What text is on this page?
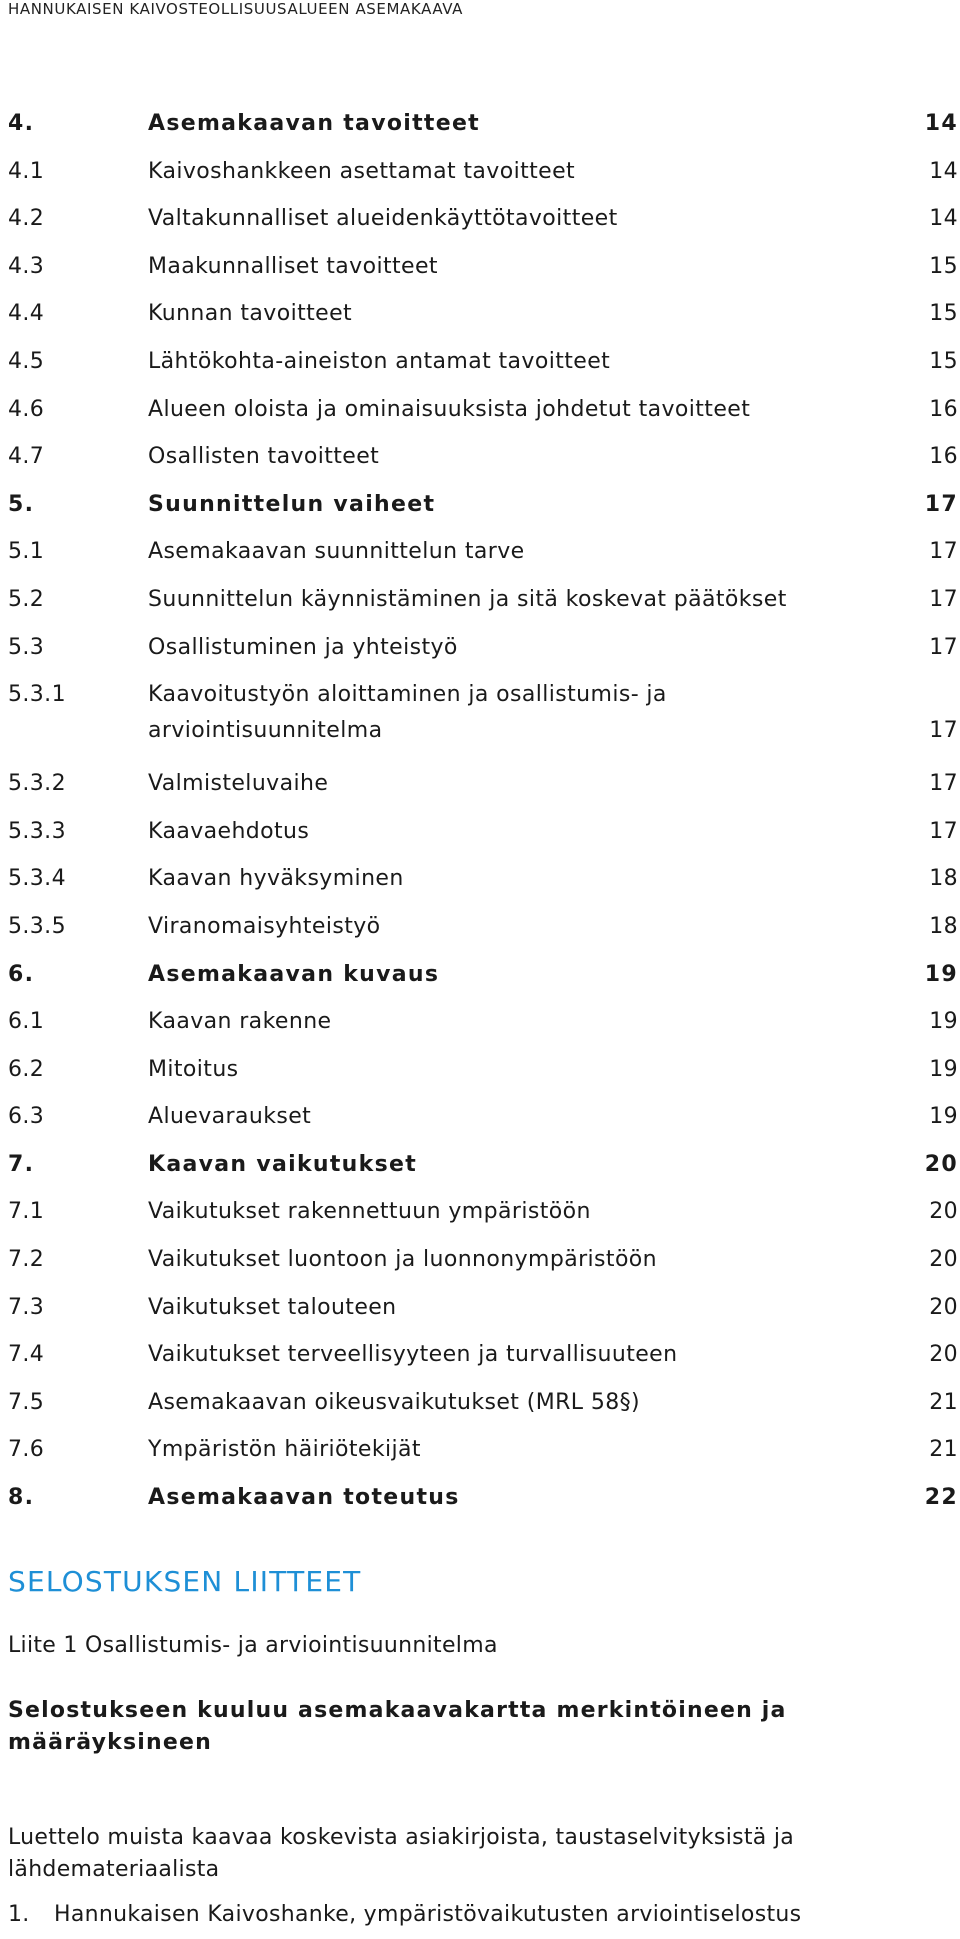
HANNUKAISEN KAIVOSTEOLLISUUSALUEEN ASEMAKAAVA
4.	Asemakaavan tavoitteet	14
4.1	Kaivoshankkeen asettamat tavoitteet	14
4.2	Valtakunnalliset alueidenkäyttötavoitteet	14
4.3	Maakunnalliset tavoitteet	15
4.4	Kunnan tavoitteet	15
4.5	Lähtökohta-aineiston antamat tavoitteet	15
4.6	Alueen oloista ja ominaisuuksista johdetut tavoitteet	16
4.7	Osallisten tavoitteet	16
5.	Suunnittelun vaiheet	17
5.1	Asemakaavan suunnittelun tarve	17
5.2	Suunnittelun käynnistäminen ja sitä koskevat päätökset	17
5.3	Osallistuminen ja yhteistyö	17
5.3.1	Kaavoitustyön aloittaminen ja osallistumis- ja
arviointisuunnitelma	17
5.3.2	Valmisteluvaihe	17
5.3.3	Kaavaehdotus	17
5.3.4	Kaavan hyväksyminen	18
5.3.5	Viranomaisyhteistyö	18
6.	Asemakaavan kuvaus	19
6.1	Kaavan rakenne	19
6.2	Mitoitus	19
6.3	Aluevaraukset	19
7.	Kaavan vaikutukset	20
7.1	Vaikutukset rakennettuun ympäristöön	20
7.2	Vaikutukset luontoon ja luonnonympäristöön	20
7.3	Vaikutukset talouteen	20
7.4	Vaikutukset terveellisyyteen ja turvallisuuteen	20
7.5	Asemakaavan oikeusvaikutukset (MRL 58§)	21
7.6	Ympäristön häiriötekijät	21
8.	Asemakaavan toteutus	22
SELOSTUKSEN LIITTEET
Liite 1 Osallistumis- ja arviointisuunnitelma
Selostukseen kuuluu asemakaavakartta merkintöineen ja
määräyksineen
Luettelo muista kaavaa koskevista asiakirjoista, taustaselvityksistä ja
lähdemateriaalista
1. Hannukaisen Kaivoshanke, ympäristövaikutusten arviointiselostus
